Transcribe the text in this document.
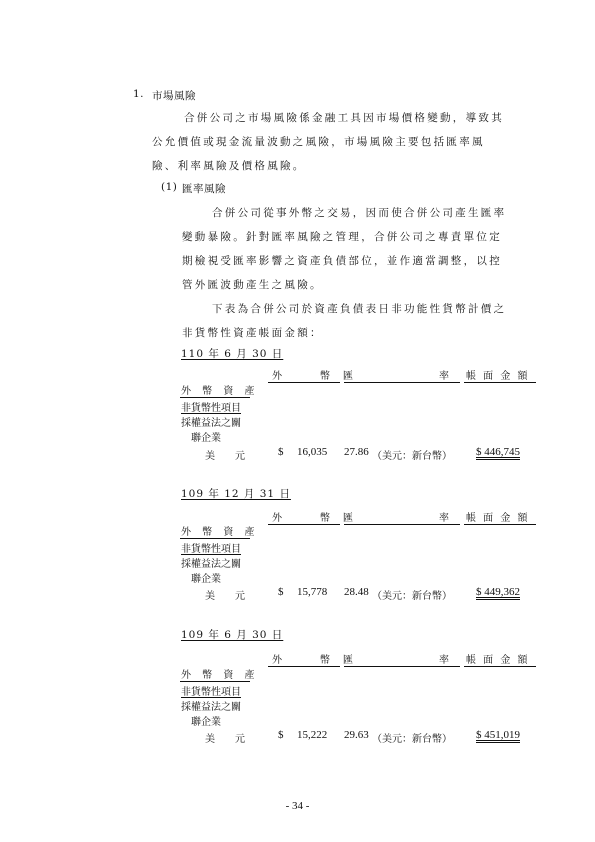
1. 市場風險
合併公司之市場風險係金融工具因市場價格變動，導致其
公允價值或現金流量波動之風險，市場風險主要包括匯率風
險、利率風險及價格風險。
(1) 匯率風險
合併公司從事外幣之交易，因而使合併公司產生匯率
變動暴險。針對匯率風險之管理，合併公司之專責單位定
期檢視受匯率影響之資產負債部位，並作適當調整，以控
管外匯波動產生之風險。
下表為合併公司於資產負債表日非功能性貨幣計價之
非貨幣性資產帳面金額：
110 年 6 月 30 日
外　　　幣 匯　　　　　　　率 帳 面 金 額
外 幣 資 產
非貨幣性項目
採權益法之關
聯企業
美　　元	$ 16,035 27.86 （美元：新台幣） $ 446,745
109 年 12 月 31 日
外　　　幣 匯　　　　　　　率 帳 面 金 額
外 幣 資 產
非貨幣性項目
採權益法之關
聯企業
美　　元	$ 15,778 28.48 （美元：新台幣） $ 449,362
109 年 6 月 30 日
外　　　幣 匯　　　　　　　率 帳 面 金 額
外 幣 資 產
非貨幣性項目
採權益法之關
聯企業
美　　元	$ 15,222 29.63 （美元：新台幣） $ 451,019
- 34 -
